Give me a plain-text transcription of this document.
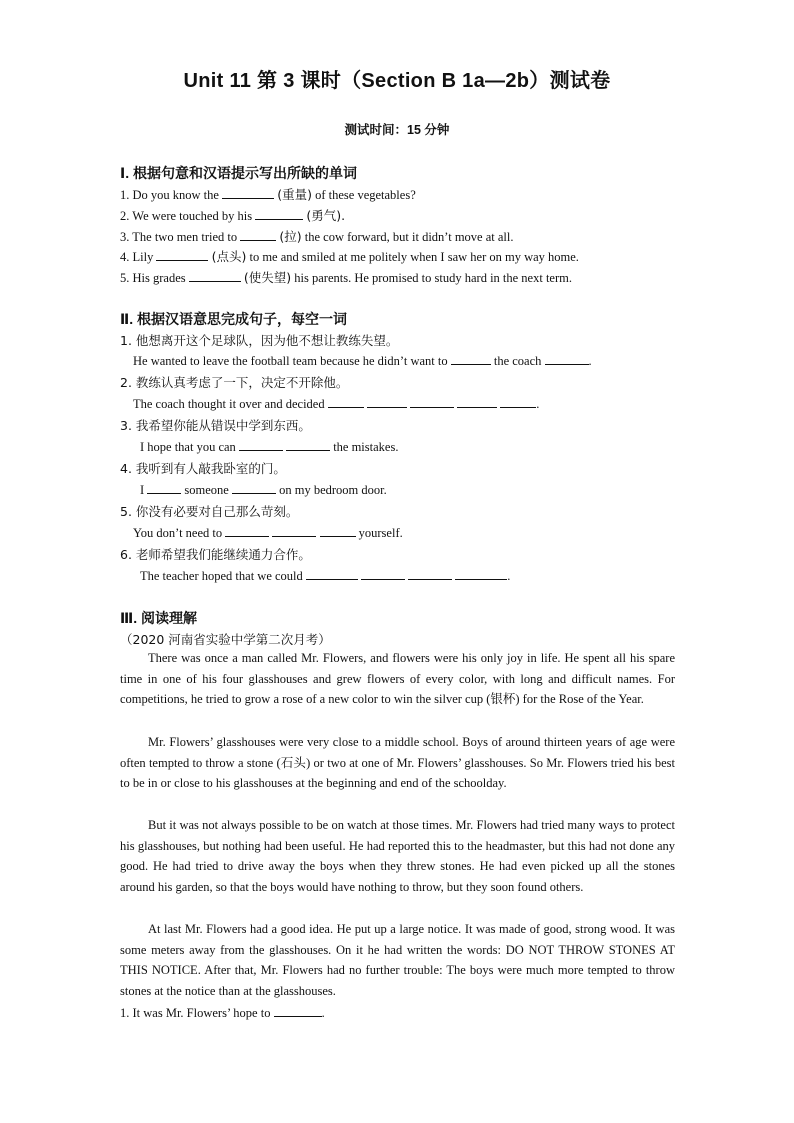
Unit 11 第 3 课时（Section B 1a—2b）测试卷
测试时间：15 分钟
Ⅰ. 根据句意和汉语提示写出所缺的单词
1. Do you know the	(重量) of these vegetables?
2. We were touched by his	(勇气).
3. The two men tried to	(拉) the cow forward, but it didn’t move at all.
4. Lily	(点头) to me and smiled at me politely when I saw her on my way home.
5. His grades	(使失望) his parents. He promised to study hard in the next term.
Ⅱ. 根据汉语意思完成句子，每空一词
1. 他想离开这个足球队，因为他不想让教练失望。
He wanted to leave the football team because he didn’t want to	the coach	.
2. 教练认真考虑了一下，决定不开除他。
The coach thought it over and decided	.
3. 我希望你能从错误中学到东西。
I hope that you can	the mistakes.
4. 我听到有人敲我卧室的门。
I	someone	on my bedroom door.
5. 你没有必要对自己那么苛刻。
You don’t need to	yourself.
6. 老师希望我们能继续通力合作。
The teacher hoped that we could	.
Ⅲ. 阅读理解
（2020 河南省实验中学第二次月考）
There was once a man called Mr. Flowers, and flowers were his only joy in life. He spent all his spare time in one of his four glasshouses and grew flowers of every color, with long and difficult names. For competitions, he tried to grow a rose of a new color to win the silver cup (银杯) for the Rose of the Year.
Mr. Flowers’ glasshouses were very close to a middle school. Boys of around thirteen years of age were often tempted to throw a stone (石头) or two at one of Mr. Flowers’ glasshouses. So Mr. Flowers tried his best to be in or close to his glasshouses at the beginning and end of the schoolday.
But it was not always possible to be on watch at those times. Mr. Flowers had tried many ways to protect his glasshouses, but nothing had been useful. He had reported this to the headmaster, but this had not done any good. He had tried to drive away the boys when they threw stones. He had even picked up all the stones around his garden, so that the boys would have nothing to throw, but they soon found others.
At last Mr. Flowers had a good idea. He put up a large notice. It was made of good, strong wood. It was some meters away from the glasshouses. On it he had written the words: DO NOT THROW STONES AT THIS NOTICE. After that, Mr. Flowers had no further trouble: The boys were much more tempted to throw stones at the notice than at the glasshouses.
1. It was Mr. Flowers’ hope to	.
